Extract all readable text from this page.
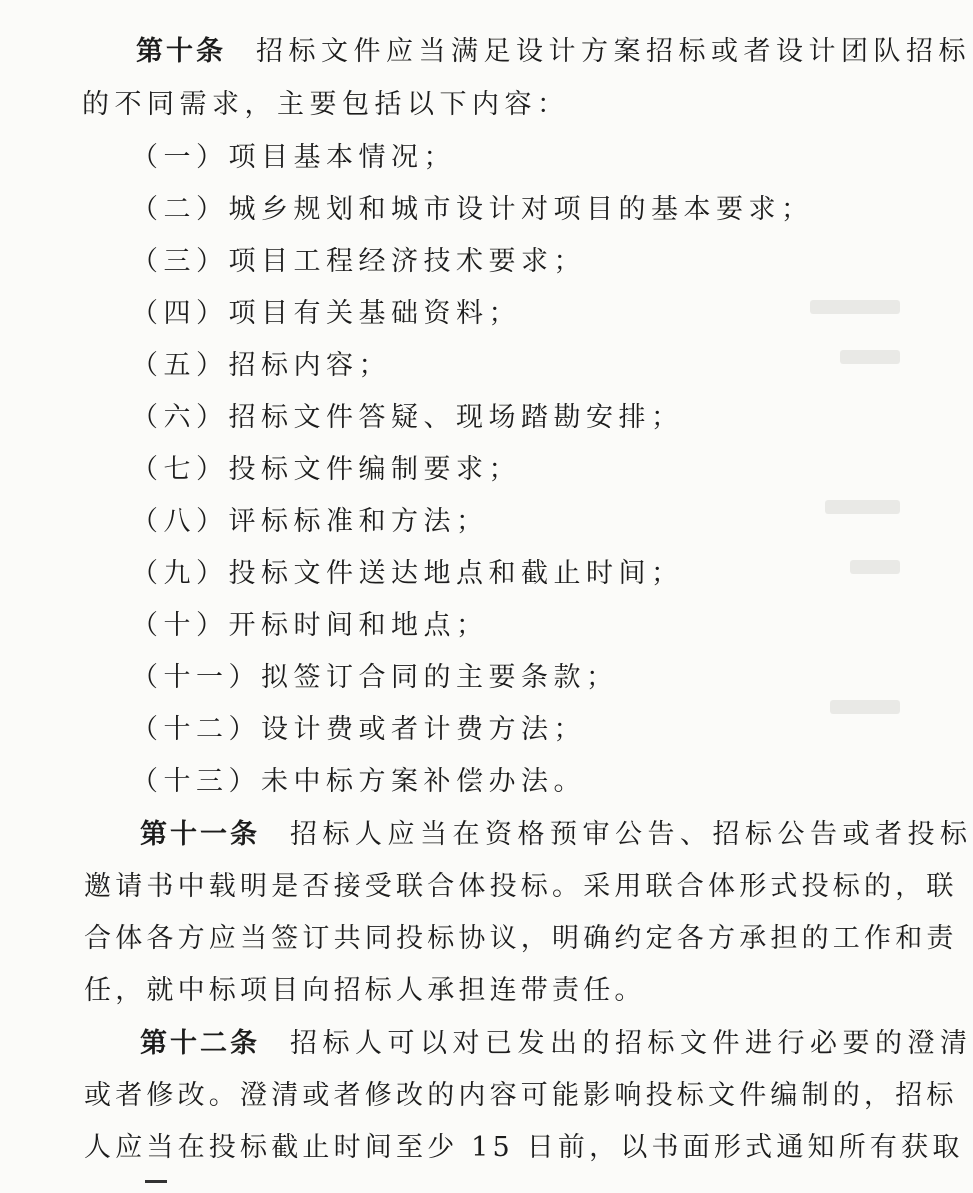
第十条 招标文件应当满足设计方案招标或者设计团队招标
的不同需求，主要包括以下内容：
（一）项目基本情况；
（二）城乡规划和城市设计对项目的基本要求；
（三）项目工程经济技术要求；
（四）项目有关基础资料；
（五）招标内容；
（六）招标文件答疑、现场踏勘安排；
（七）投标文件编制要求；
（八）评标标准和方法；
（九）投标文件送达地点和截止时间；
（十）开标时间和地点；
（十一）拟签订合同的主要条款；
（十二）设计费或者计费方法；
（十三）未中标方案补偿办法。
第十一条 招标人应当在资格预审公告、招标公告或者投标
邀请书中载明是否接受联合体投标。采用联合体形式投标的，联
合体各方应当签订共同投标协议，明确约定各方承担的工作和责
任，就中标项目向招标人承担连带责任。
第十二条 招标人可以对已发出的招标文件进行必要的澄清
或者修改。澄清或者修改的内容可能影响投标文件编制的，招标
人应当在投标截止时间至少 15 日前，以书面形式通知所有获取
